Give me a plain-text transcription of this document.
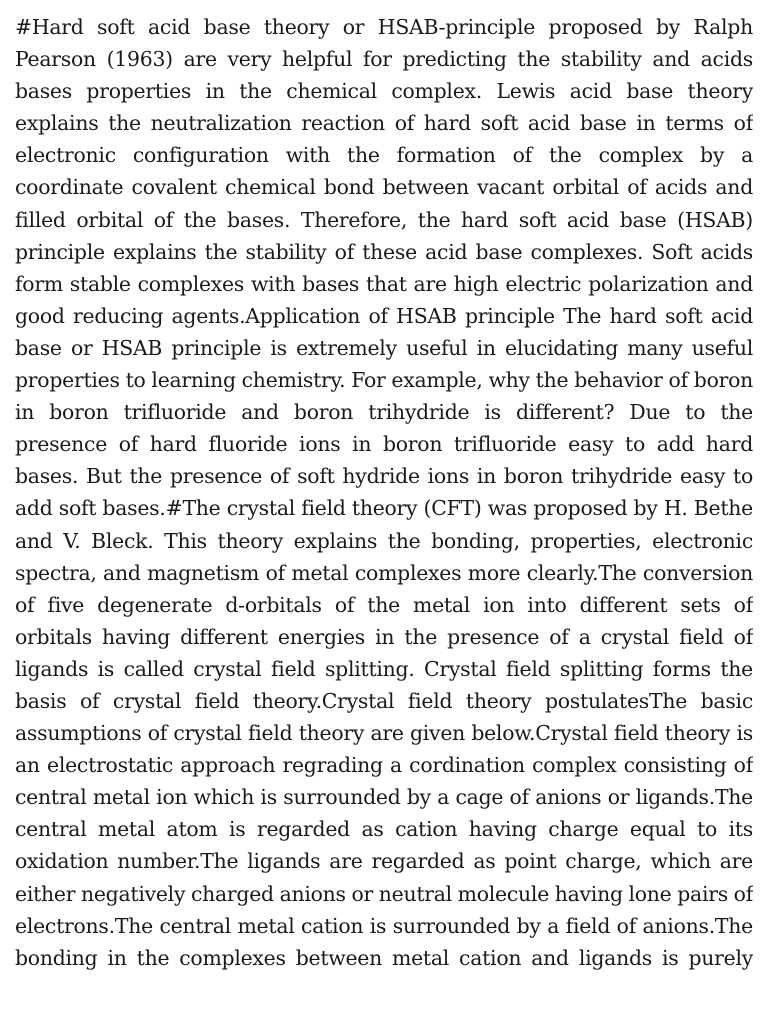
#Hard soft acid base theory or HSAB-principle proposed by Ralph Pearson (1963) are very helpful for predicting the stability and acids bases properties in the chemical complex. Lewis acid base theory explains the neutralization reaction of hard soft acid base in terms of electronic configuration with the formation of the complex by a coordinate covalent chemical bond between vacant orbital of acids and filled orbital of the bases. Therefore, the hard soft acid base (HSAB) principle explains the stability of these acid base complexes. Soft acids form stable complexes with bases that are high electric polarization and good reducing agents.Application of HSAB principle The hard soft acid base or HSAB principle is extremely useful in elucidating many useful properties to learning chemistry. For example, why the behavior of boron in boron trifluoride and boron trihydride is different? Due to the presence of hard fluoride ions in boron trifluoride easy to add hard bases. But the presence of soft hydride ions in boron trihydride easy to add soft bases.#The crystal field theory (CFT) was proposed by H. Bethe and V. Bleck. This theory explains the bonding, properties, electronic spectra, and magnetism of metal complexes more clearly.The conversion of five degenerate d-orbitals of the metal ion into different sets of orbitals having different energies in the presence of a crystal field of ligands is called crystal field splitting. Crystal field splitting forms the basis of crystal field theory.Crystal field theory postulatesThe basic assumptions of crystal field theory are given below.Crystal field theory is an electrostatic approach regrading a cordination complex consisting of central metal ion which is surrounded by a cage of anions or ligands.The central metal atom is regarded as cation having charge equal to its oxidation number.The ligands are regarded as point charge, which are either negatively charged anions or neutral molecule having lone pairs of electrons.The central metal cation is surrounded by a field of anions.The bonding in the complexes between metal cation and ligands is purely
